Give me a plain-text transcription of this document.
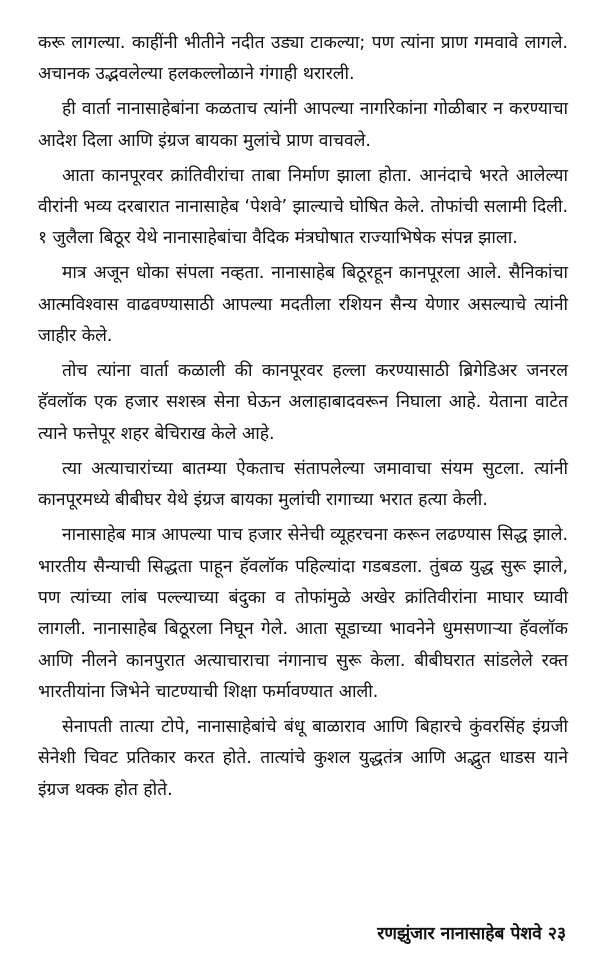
करू लागल्या. काहींनी भीतीने नदीत उड्या टाकल्या; पण त्यांना प्राण गमवावे लागले. अचानक उद्भवलेल्या हलकल्लोळाने गंगाही थरारली.

ही वार्ता नानासाहेबांना कळताच त्यांनी आपल्या नागरिकांना गोळीबार न करण्याचा आदेश दिला आणि इंग्रज बायका मुलांचे प्राण वाचवले.

आता कानपूरवर क्रांतिवीरांचा ताबा निर्माण झाला होता. आनंदाचे भरते आलेल्या वीरांनी भव्य दरबारात नानासाहेब ‘पेशवे’ झाल्याचे घोषित केले. तोफांची सलामी दिली. १ जुलैला बिठूर येथे नानासाहेबांचा वैदिक मंत्रघोषात राज्याभिषेक संपन्न झाला.

मात्र अजून धोका संपला नव्हता. नानासाहेब बिठूरहून कानपूरला आले. सैनिकांचा आत्मविश्वास वाढवण्यासाठी आपल्या मदतीला रशियन सैन्य येणार असल्याचे त्यांनी जाहीर केले.

तोच त्यांना वार्ता कळाली की कानपूरवर हल्ला करण्यासाठी ब्रिगेडिअर जनरल हॅवलॉक एक हजार सशस्त्र सेना घेऊन अलाहाबादवरून निघाला आहे. येताना वाटेत त्याने फत्तेपूर शहर बेचिराख केले आहे.

त्या अत्याचारांच्या बातम्या ऐकताच संतापलेल्या जमावाचा संयम सुटला. त्यांनी कानपूरमध्ये बीबीघर येथे इंग्रज बायका मुलांची रागाच्या भरात हत्या केली.

नानासाहेब मात्र आपल्या पाच हजार सेनेची व्यूहरचना करून लढण्यास सिद्ध झाले. भारतीय सैन्याची सिद्धता पाहून हॅवलॉक पहिल्यांदा गडबडला. तुंबळ युद्ध सुरू झाले, पण त्यांच्या लांब पल्ल्याच्या बंदुका व तोफांमुळे अखेर क्रांतिवीरांना माघार घ्यावी लागली. नानासाहेब बिठूरला निघून गेले. आता सूडाच्या भावनेने धुमसणाऱ्या हॅवलॉक आणि नीलने कानपुरात अत्याचाराचा नंगानाच सुरू केला. बीबीघरात सांडलेले रक्त भारतीयांना जिभेने चाटण्याची शिक्षा फर्मावण्यात आली.

सेनापती तात्या टोपे, नानासाहेबांचे बंधू बाळाराव आणि बिहारचे कुंवरसिंह इंग्रजी सेनेशी चिवट प्रतिकार करत होते. तात्यांचे कुशल युद्धतंत्र आणि अद्भुत धाडस याने इंग्रज थक्क होत होते.

रणझुंजार नानासाहेब पेशवे २३
